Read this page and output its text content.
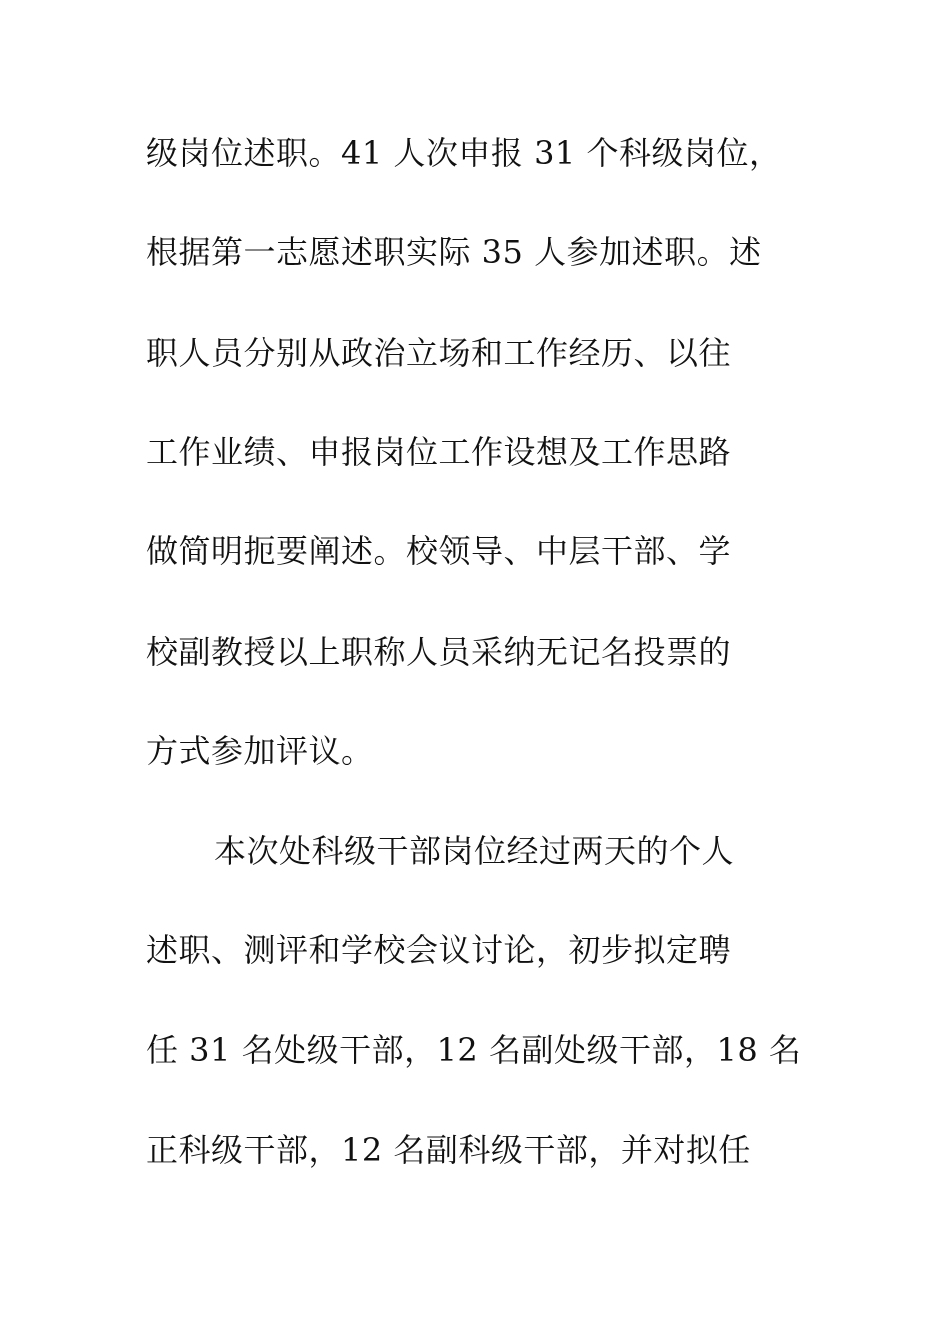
级岗位述职。41 人次申报 31 个科级岗位，
根据第一志愿述职实际 35 人参加述职。述
职人员分别从政治立场和工作经历、以往
工作业绩、申报岗位工作设想及工作思路
做简明扼要阐述。校领导、中层干部、学
校副教授以上职称人员采纳无记名投票的
方式参加评议。
本次处科级干部岗位经过两天的个人
述职、测评和学校会议讨论，初步拟定聘
任 31 名处级干部，12 名副处级干部，18 名
正科级干部，12 名副科级干部，并对拟任
